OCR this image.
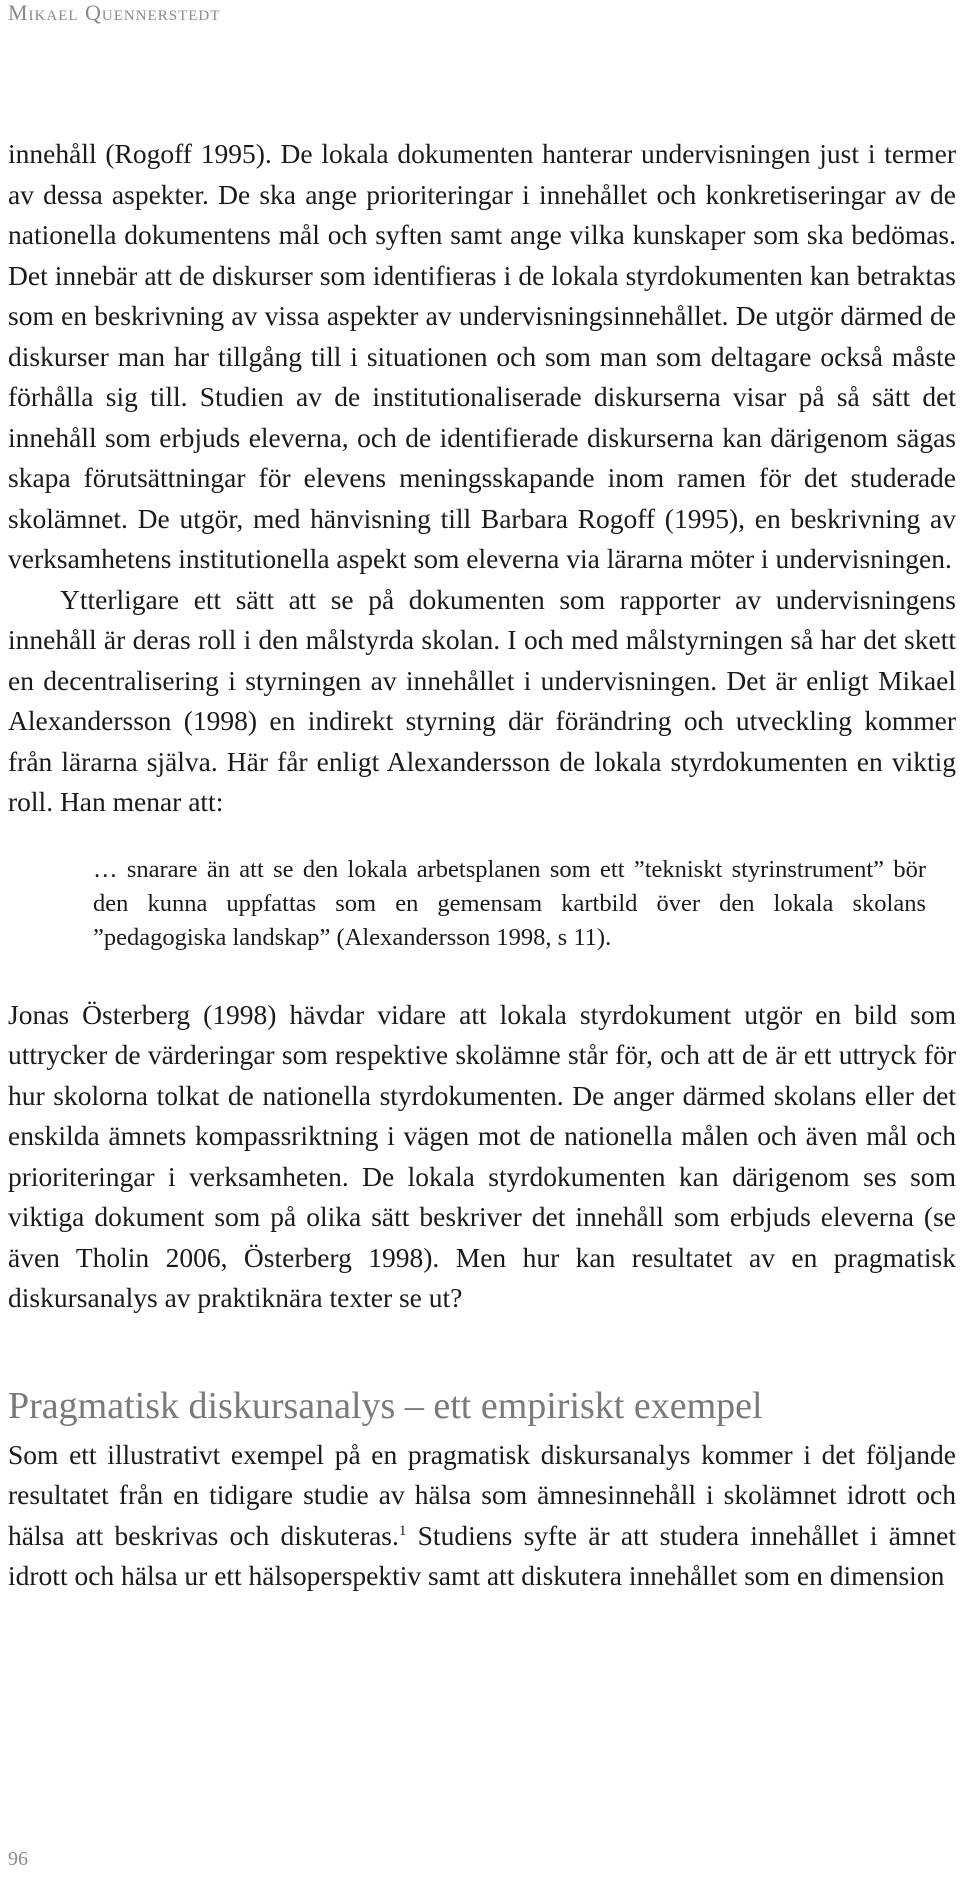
Mikael Quennerstedt

innehåll (Rogoff 1995). De lokala dokumenten hanterar undervisningen just i termer av dessa aspekter. De ska ange prioriteringar i innehållet och konkretiseringar av de nationella dokumentens mål och syften samt ange vilka kunskaper som ska bedömas. Det innebär att de diskurser som identifieras i de lokala styrdokumenten kan betraktas som en beskrivning av vissa aspekter av undervisningsinnehållet. De utgör därmed de diskurser man har tillgång till i situationen och som man som deltagare också måste förhålla sig till. Studien av de institutionaliserade diskurserna visar på så sätt det innehåll som erbjuds eleverna, och de identifierade diskurserna kan därigenom sägas skapa förutsättningar för elevens meningsskapande inom ramen för det studerade skolämnet. De utgör, med hänvisning till Barbara Rogoff (1995), en beskrivning av verksamhetens institutionella aspekt som eleverna via lärarna möter i undervisningen.

Ytterligare ett sätt att se på dokumenten som rapporter av undervisningens innehåll är deras roll i den målstyrda skolan. I och med målstyrningen så har det skett en decentralisering i styrningen av innehållet i undervisningen. Det är enligt Mikael Alexandersson (1998) en indirekt styrning där förändring och utveckling kommer från lärarna själva. Här får enligt Alexandersson de lokala styrdokumenten en viktig roll. Han menar att:

… snarare än att se den lokala arbetsplanen som ett ”tekniskt styrinstrument” bör den kunna uppfattas som en gemensam kartbild över den lokala skolans ”pedagogiska landskap” (Alexandersson 1998, s 11).

Jonas Österberg (1998) hävdar vidare att lokala styrdokument utgör en bild som uttrycker de värderingar som respektive skolämne står för, och att de är ett uttryck för hur skolorna tolkat de nationella styrdokumenten. De anger därmed skolans eller det enskilda ämnets kompassriktning i vägen mot de nationella målen och även mål och prioriteringar i verksamheten. De lokala styrdokumenten kan därigenom ses som viktiga dokument som på olika sätt beskriver det innehåll som erbjuds eleverna (se även Tholin 2006, Österberg 1998). Men hur kan resultatet av en pragmatisk diskursanalys av praktiknära texter se ut?

Pragmatisk diskursanalys – ett empiriskt exempel

Som ett illustrativt exempel på en pragmatisk diskursanalys kommer i det följande resultatet från en tidigare studie av hälsa som ämnesinnehåll i skolämnet idrott och hälsa att beskrivas och diskuteras.$^1$ Studiens syfte är att studera innehållet i ämnet idrott och hälsa ur ett hälsoperspektiv samt att diskutera innehållet som en dimension

96
